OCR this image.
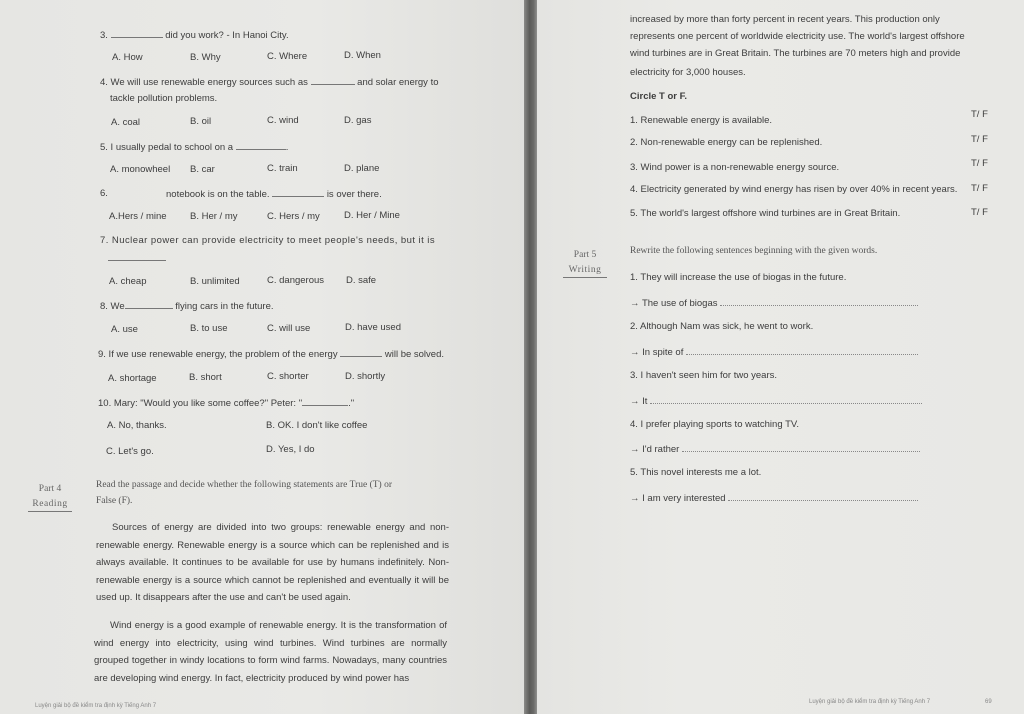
3.	did you work? - In Hanoi City.
A. How	B. Why	C. Where	D. When
4. We will use renewable energy sources such as	and solar energy to
tackle pollution problems.
A. coal	B. oil	C. wind	D. gas
5. I usually pedal to school on a	.
A. monowheel B. car	C. train	D. plane
6.	notebook is on the table.	is over there.
A.Hers / mine B. Her / my	C. Hers / my	D. Her / Mine
7. Nuclear power can provide electricity to meet people's needs, but it is
A. cheap	B. unlimited	C. dangerous D. safe
8. We	flying cars in the future.
A. use	B. to use	C. will use	D. have used
9. If we use renewable energy, the problem of the energy	will be solved.
A. shortage	B. short	C. shorter	D. shortly
10. Mary: "Would you like some coffee?" Peter: "	."
A. No, thanks.	B. OK. I don't like coffee
C. Let's go.	D. Yes, I do
Part 4
Reading
Read the passage and decide whether the following statements are True (T) or
False (F).
Sources of energy are divided into two groups: renewable energy and non-renewable energy. Renewable energy is a source which can be replenished and is always available. It continues to be available for use by humans indefinitely. Non-renewable energy is a source which cannot be replenished and eventually it will be used up. It disappears after the use and can't be used again.
Wind energy is a good example of renewable energy. It is the transformation of wind energy into electricity, using wind turbines. Wind turbines are normally grouped together in windy locations to form wind farms. Nowadays, many countries are developing wind energy. In fact, electricity produced by wind power has
Luyện giải bộ đề kiểm tra định kỳ Tiếng Anh 7
increased by more than forty percent in recent years. This production only
represents one percent of worldwide electricity use. The world's largest offshore
wind turbines are in Great Britain. The turbines are 70 meters high and provide
electricity for 3,000 houses.
Circle T or F.
1. Renewable energy is available.
T/ F
2. Non-renewable energy can be replenished.	T/ F
3. Wind power is a non-renewable energy source.	T/ F
4. Electricity generated by wind energy has risen by over 40% in recent years. T/ F
5. The world's largest offshore wind turbines are in Great Britain.	T/ F
Part 5
Writing
Rewrite the following sentences beginning with the given words.
1. They will increase the use of biogas in the future.
→ The use of biogas
2. Although Nam was sick, he went to work.
→ In spite of
3. I haven't seen him for two years.
→ It
4. I prefer playing sports to watching TV.
→ I'd rather
5. This novel interests me a lot.
→ I am very interested
Luyện giải bộ đề kiểm tra định kỳ Tiếng Anh 7	69
